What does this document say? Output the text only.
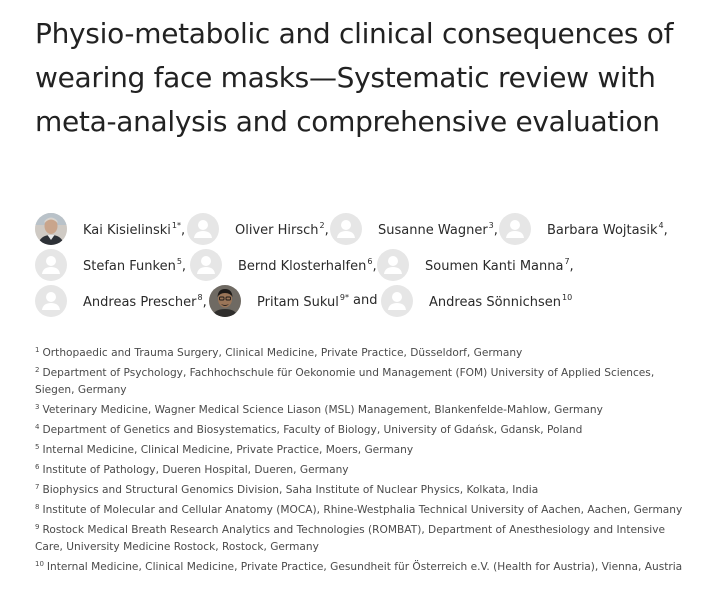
Physio-metabolic and clinical consequences of wearing face masks—Systematic review with meta-analysis and comprehensive evaluation
Kai Kisielinski$^{1*}$,	Oliver Hirsch$^2$,	Susanne Wagner$^3$,	Barbara Wojtasik$^4$,
Stefan Funken$^5$,	Bernd Klosterhalfen$^6$,	Soumen Kanti Manna$^7$,
Andreas Prescher$^8$,	Pritam Sukul$^{9*}$ and	Andreas Sönnichsen$^{10}$

$^1$ Orthopaedic and Trauma Surgery, Clinical Medicine, Private Practice, Düsseldorf, Germany

$^2$ Department of Psychology, Fachhochschule für Oekonomie und Management (FOM) University of Applied Sciences, Siegen, Germany

$^3$ Veterinary Medicine, Wagner Medical Science Liason (MSL) Management, Blankenfelde-Mahlow, Germany

$^4$ Department of Genetics and Biosystematics, Faculty of Biology, University of Gdańsk, Gdansk, Poland

$^5$ Internal Medicine, Clinical Medicine, Private Practice, Moers, Germany

$^6$ Institute of Pathology, Dueren Hospital, Dueren, Germany

$^7$ Biophysics and Structural Genomics Division, Saha Institute of Nuclear Physics, Kolkata, India

$^8$ Institute of Molecular and Cellular Anatomy (MOCA), Rhine-Westphalia Technical University of Aachen, Aachen, Germany

$^9$ Rostock Medical Breath Research Analytics and Technologies (ROMBAT), Department of Anesthesiology and Intensive Care, University Medicine Rostock, Rostock, Germany

$^{10}$ Internal Medicine, Clinical Medicine, Private Practice, Gesundheit für Österreich e.V. (Health for Austria), Vienna, Austria
